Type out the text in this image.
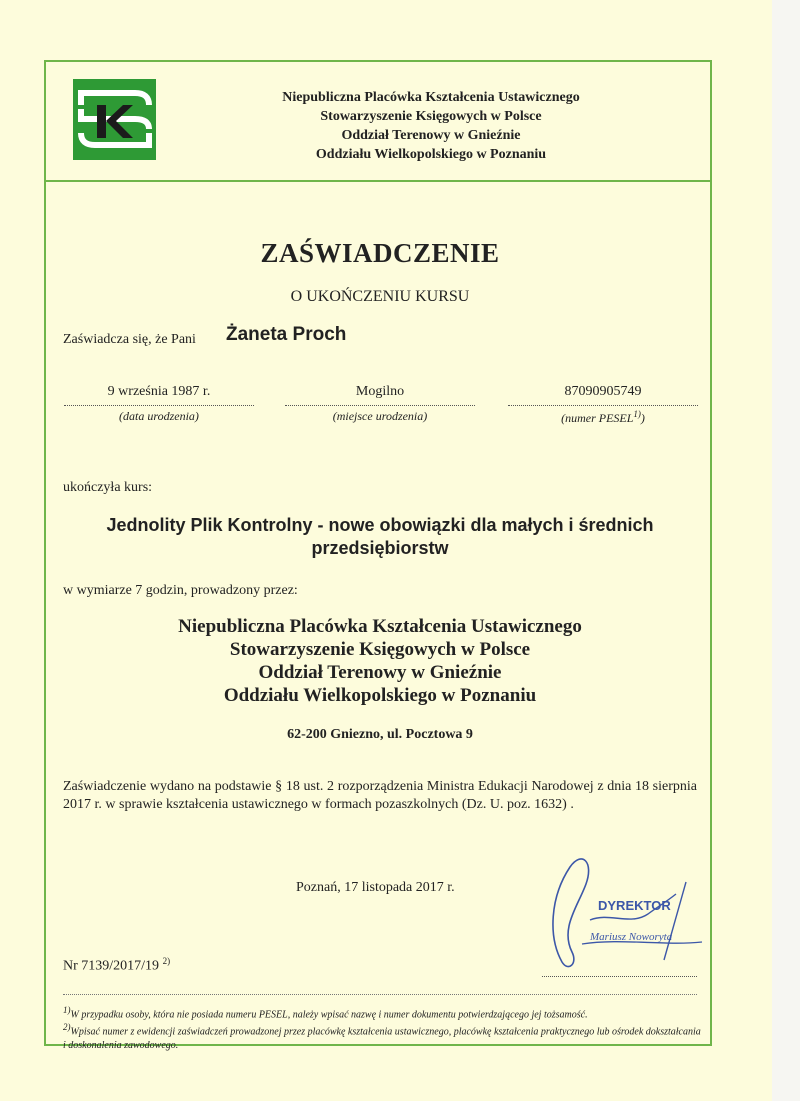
Niepubliczna Placówka Kształcenia Ustawicznego
Stowarzyszenie Księgowych w Polsce
Oddział Terenowy w Gnieźnie
Oddziału Wielkopolskiego w Poznaniu
ZAŚWIADCZENIE
O UKOŃCZENIU KURSU
Zaświadcza się, że Pani Żaneta Proch
9 września 1987 r.
(data urodzenia)
Mogilno
(miejsce urodzenia)
87090905749
(numer PESEL$^{1)}$)
ukończyła kurs:
Jednolity Plik Kontrolny - nowe obowiązki dla małych i średnich
przedsiębiorstw
w wymiarze 7 godzin, prowadzony przez:
Niepubliczna Placówka Kształcenia Ustawicznego
Stowarzyszenie Księgowych w Polsce
Oddział Terenowy w Gnieźnie
Oddziału Wielkopolskiego w Poznaniu
62-200 Gniezno, ul. Pocztowa 9
Zaświadczenie wydano na podstawie § 18 ust. 2 rozporządzenia Ministra Edukacji Narodowej z dnia 18 sierpnia 2017 r. w sprawie kształcenia ustawicznego w formach pozaszkolnych (Dz. U. poz. 1632) .
Poznań, 17 listopada 2017 r.
DYREKTOR
Mariusz Noworyta
Nr 7139/2017/19 $^{2)}$
$^{1)}$W przypadku osoby, która nie posiada numeru PESEL, należy wpisać nazwę i numer dokumentu potwierdzającego jej tożsamość.
$^{2)}$Wpisać numer z ewidencji zaświadczeń prowadzonej przez placówkę kształcenia ustawicznego, placówkę kształcenia praktycznego lub ośrodek dokształcania i doskonalenia zawodowego.
